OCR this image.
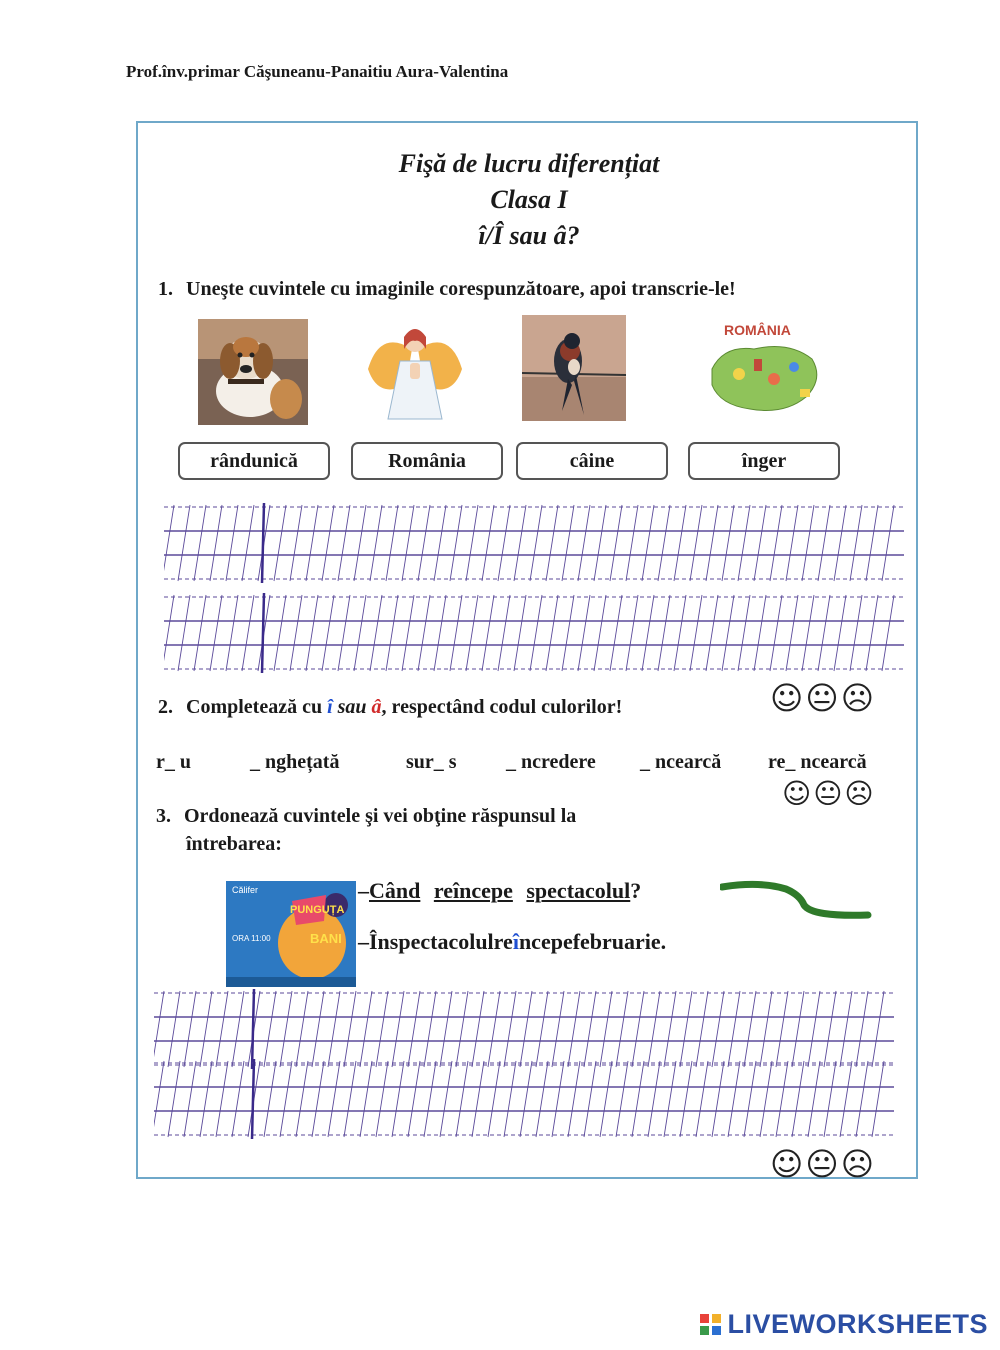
Prof.înv.primar Căşuneanu-Panaitiu Aura-Valentina
Fişă de lucru diferențiat
Clasa I
î/Î sau â?
1. Uneşte cuvintele cu imaginile corespunzătoare, apoi transcrie-le!
ROMÂNIA
rândunică	România	câine	înger
2. Completează cu î sau â, respectând codul culorilor!	☺😐☹
r_ u	_ nghețată	sur_ s _ ncredere _ ncearcă re_ ncearcă
☺😐☹
3. Ordonează cuvintele şi vei obţine răspunsul la
întrebarea:
Călifer
PUNGUȚA
BANI
ORA 11:00
–Când reîncepe spectacolul?
–Înspectacolulreîncepefebruarie.
☺😐☹
LIVEWORKSHEETS
